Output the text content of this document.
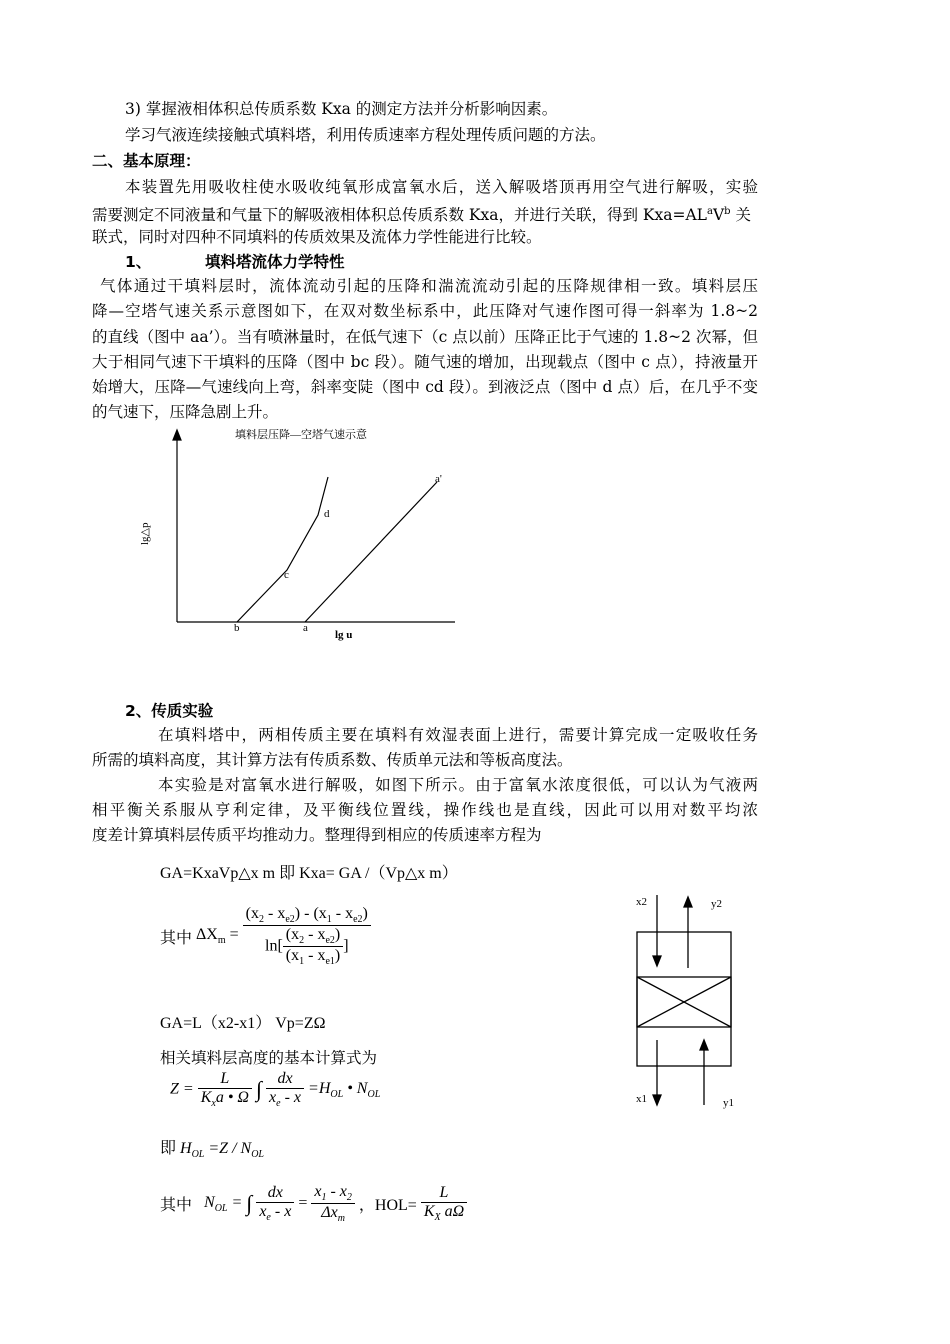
3) 掌握液相体积总传质系数 Kxa 的测定方法并分析影响因素。
学习气液连续接触式填料塔，利用传质速率方程处理传质问题的方法。
二、基本原理：
本装置先用吸收柱使水吸收纯氧形成富氧水后，送入解吸塔顶再用空气进行解吸，实验
需要测定不同液量和气量下的解吸液相体积总传质系数 Kxa，并进行关联，得到 $Kxa=AL^aV^b$ 关
联式，同时对四种不同填料的传质效果及流体力学性能进行比较。
1、	填料塔流体力学特性
气体通过干填料层时，流体流动引起的压降和湍流流动引起的压降规律相一致。填料层压
降—空塔气速关系示意图如下，在双对数坐标系中，此压降对气速作图可得一斜率为 1.8~2
的直线（图中 aa’）。当有喷淋量时，在低气速下（c 点以前）压降正比于气速的 1.8~2 次幂，但
大于相同气速下干填料的压降（图中 bc 段）。随气速的增加，出现载点（图中 c 点），持液量开
始增大，压降—气速线向上弯，斜率变陡（图中 cd 段）。到液泛点（图中 d 点）后，在几乎不变
的气速下，压降急剧上升。
填料层压降—空塔气速示意
lg△p
lg u
b
c
d
a
a'
x2	y2
x1	y1
2、传质实验
在填料塔中，两相传质主要在填料有效湿表面上进行，需要计算完成一定吸收任务
所需的填料高度，其计算方法有传质系数、传质单元法和等板高度法。
本实验是对富氧水进行解吸，如图下所示。由于富氧水浓度很低，可以认为气液两
相平衡关系服从亨利定律，及平衡线位置线，操作线也是直线，因此可以用对数平均浓
度差计算填料层传质平均推动力。整理得到相应的传质速率方程为
GA=KxaVp△x m 即 Kxa= GA /（Vp△x m）
其中 $\Delta X_m = \frac{(x_2 - x_{e2}) - (x_1 - x_{e2})}{\ln[ \frac{(x_2 - x_{e2})}{(x_1 - x_{e1})} ]}$
GA=L（x2-x1） Vp=ZΩ
相关填料层高度的基本计算式为
$Z = \frac{L}{K_xa • \Omega}$ ∫ $\frac{dx}{x_e - x} =H_{OL}$ • $N_{OL}$
即 $H_{OL} =Z / N_{OL}$
其中   $N_{OL}$ = ∫ $\frac{dx}{x_e - x} = \frac{x_1 - x_2}{\Delta x_m}$ ，$HOL= \frac{L}{K_X a\Omega}$
